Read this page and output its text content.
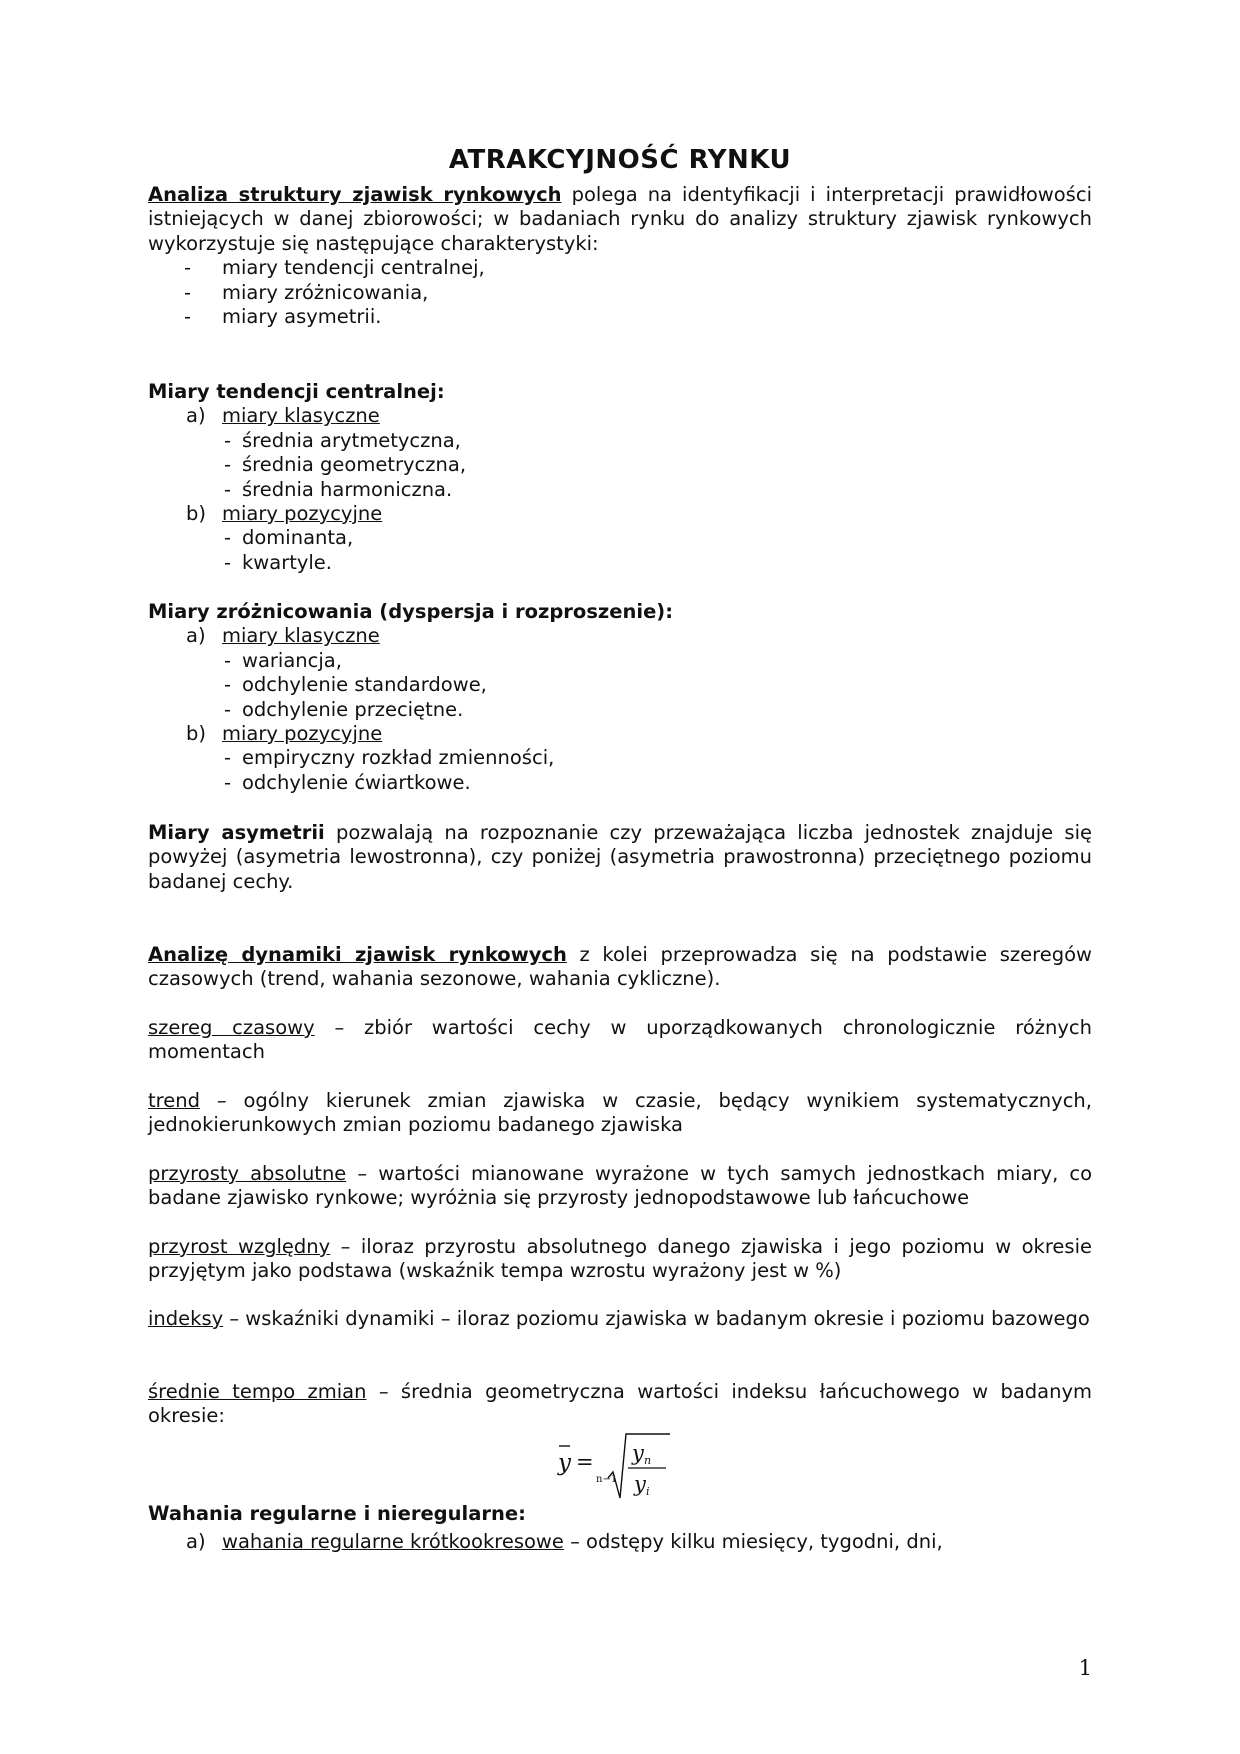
ATRAKCYJNOŚĆ RYNKU

Analiza struktury zjawisk rynkowych polega na identyfikacji i interpretacji prawidłowości istniejących w danej zbiorowości; w badaniach rynku do analizy struktury zjawisk rynkowych wykorzystuje się następujące charakterystyki:

- miary tendencji centralnej,
- miary zróżnicowania,
- miary asymetrii.

Miary tendencji centralnej:

a) miary klasyczne
- średnia arytmetyczna,
- średnia geometryczna,
- średnia harmoniczna.
b) miary pozycyjne
- dominanta,
- kwartyle.

Miary zróżnicowania (dyspersja i rozproszenie):

a) miary klasyczne
- wariancja,
- odchylenie standardowe,
- odchylenie przeciętne.
b) miary pozycyjne
- empiryczny rozkład zmienności,
- odchylenie ćwiartkowe.

Miary asymetrii pozwalają na rozpoznanie czy przeważająca liczba jednostek znajduje się powyżej (asymetria lewostronna), czy poniżej (asymetria prawostronna) przeciętnego poziomu badanej cechy.

Analizę dynamiki zjawisk rynkowych z kolei przeprowadza się na podstawie szeregów czasowych (trend, wahania sezonowe, wahania cykliczne).

szereg czasowy – zbiór wartości cechy w uporządkowanych chronologicznie różnych momentach

trend – ogólny kierunek zmian zjawiska w czasie, będący wynikiem systematycznych, jednokierunkowych zmian poziomu badanego zjawiska

przyrosty absolutne – wartości mianowane wyrażone w tych samych jednostkach miary, co badane zjawisko rynkowe; wyróżnia się przyrosty jednopodstawowe lub łańcuchowe

przyrost względny – iloraz przyrostu absolutnego danego zjawiska i jego poziomu w okresie przyjętym jako podstawa (wskaźnik tempa wzrostu wyrażony jest w %)

indeksy – wskaźniki dynamiki – iloraz poziomu zjawiska w badanym okresie i poziomu bazowego

średnie tempo zmian – średnia geometryczna wartości indeksu łańcuchowego w badanym okresie:

y =
n−1
y n
y i

Wahania regularne i nieregularne:

a) wahania regularne krótkookresowe – odstępy kilku miesięcy, tygodni, dni,
1
